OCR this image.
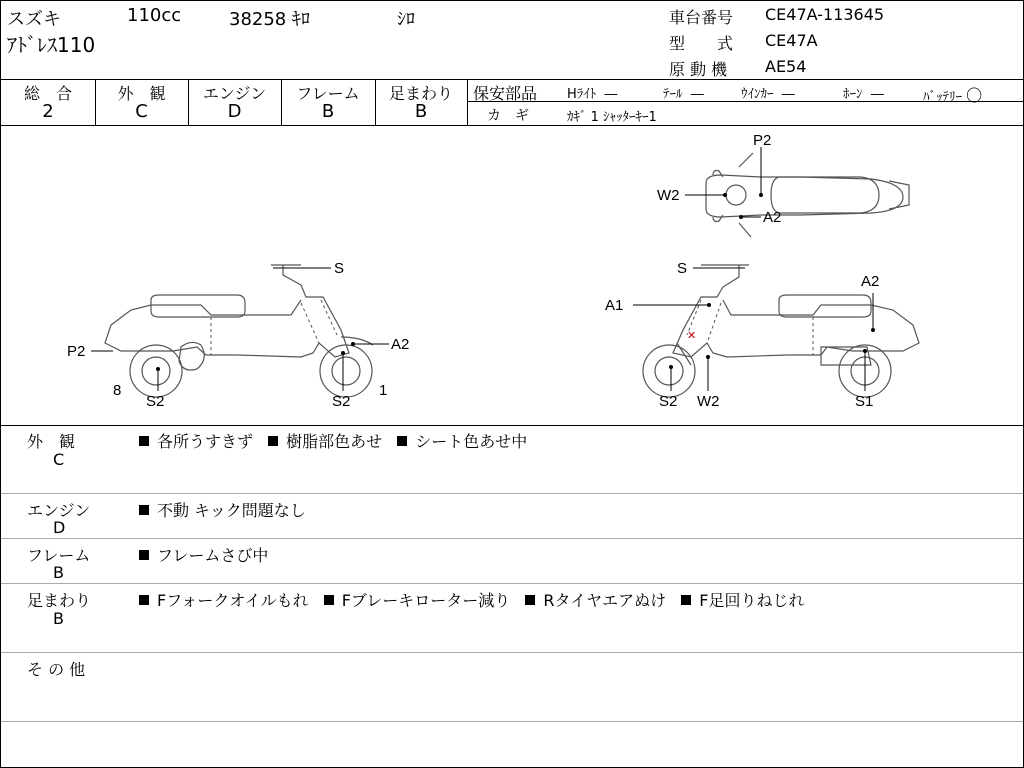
スズキ	110cc	38258 ｷﾛ	ｼﾛ
ｱﾄﾞﾚｽ110
車台番号 CE47A-113645
型　　式 CE47A
原 動 機 AE54
総　合
2
外　観
C
エンジン
D
フレーム
B
足まわり
B
保安部品 Hﾗｲﾄ ―	ﾃｰﾙ ―	ｳｲﾝｶｰ ―	ﾎｰﾝ ―	ﾊﾞｯﾃﾘｰ 〇
カ　ギ	ｶｷﾞ 1 ｼｬｯﾀｰｷｰ1
S
P2	A2
8	1
S2	S2
P2
W2
A2
✕
S
A2
A1
S2 W2	S1
外　観
C
各所うすきず 樹脂部色あせ シート色あせ中
エンジン
D
不動 キック問題なし
フレーム
B
フレームさび中
足まわり
B
Fフォークオイルもれ Fブレーキローター減り Rタイヤエアぬけ F足回りねじれ
そ の 他
